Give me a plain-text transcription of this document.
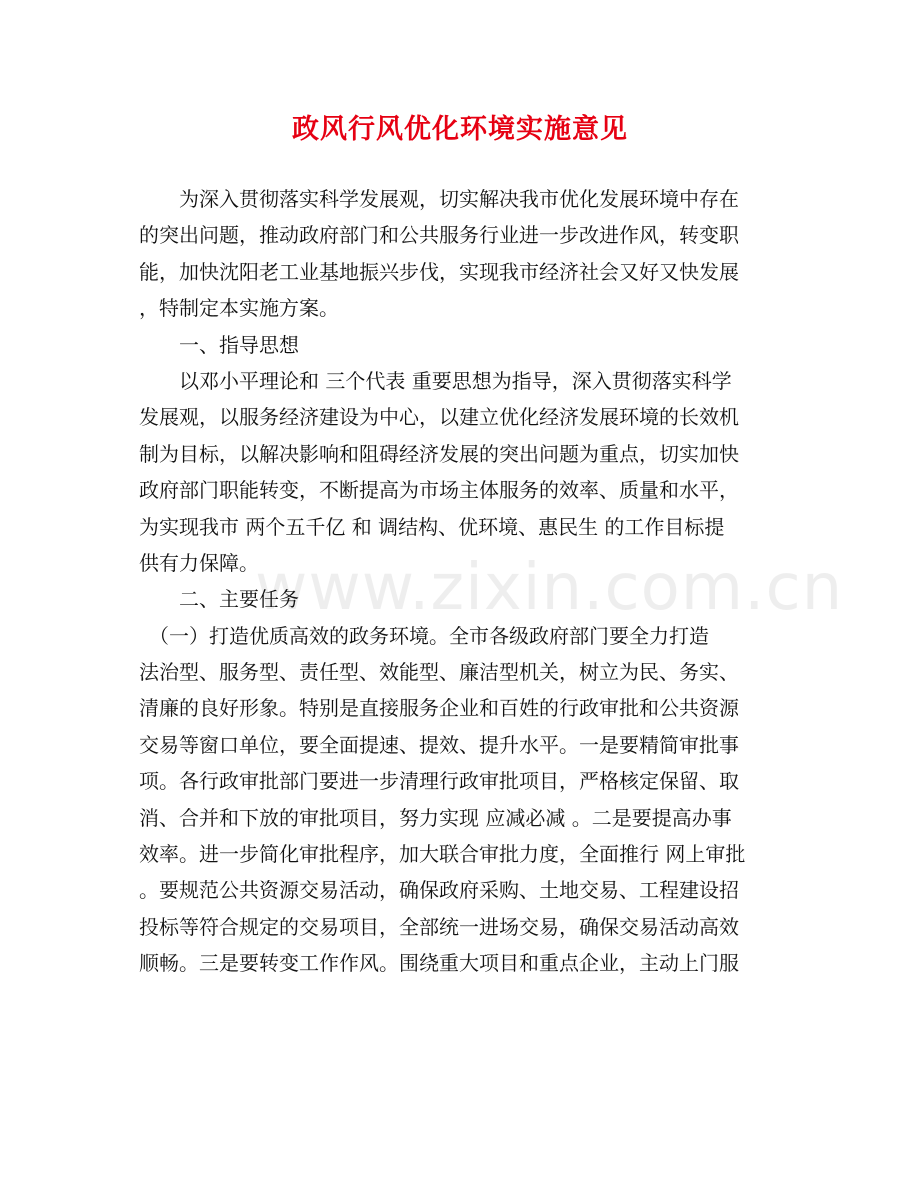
政风行风优化环境实施意见
www.zixin.com.cn
　　为深入贯彻落实科学发展观，切实解决我市优化发展环境中存在
的突出问题，推动政府部门和公共服务行业进一步改进作风，转变职
能，加快沈阳老工业基地振兴步伐，实现我市经济社会又好又快发展
，特制定本实施方案。
　　一、指导思想
　　以邓小平理论和 三个代表 重要思想为指导，深入贯彻落实科学
发展观，以服务经济建设为中心，以建立优化经济发展环境的长效机
制为目标，以解决影响和阻碍经济发展的突出问题为重点，切实加快
政府部门职能转变，不断提高为市场主体服务的效率、质量和水平，
为实现我市 两个五千亿 和 调结构、优环境、惠民生 的工作目标提
供有力保障。
　　二、主要任务
　（一）打造优质高效的政务环境。全市各级政府部门要全力打造
法治型、服务型、责任型、效能型、廉洁型机关，树立为民、务实、
清廉的良好形象。特别是直接服务企业和百姓的行政审批和公共资源
交易等窗口单位，要全面提速、提效、提升水平。一是要精简审批事
项。各行政审批部门要进一步清理行政审批项目，严格核定保留、取
消、合并和下放的审批项目，努力实现 应减必减 。二是要提高办事
效率。进一步简化审批程序，加大联合审批力度，全面推行 网上审批
。要规范公共资源交易活动，确保政府采购、土地交易、工程建设招
投标等符合规定的交易项目，全部统一进场交易，确保交易活动高效
顺畅。三是要转变工作作风。围绕重大项目和重点企业，主动上门服
